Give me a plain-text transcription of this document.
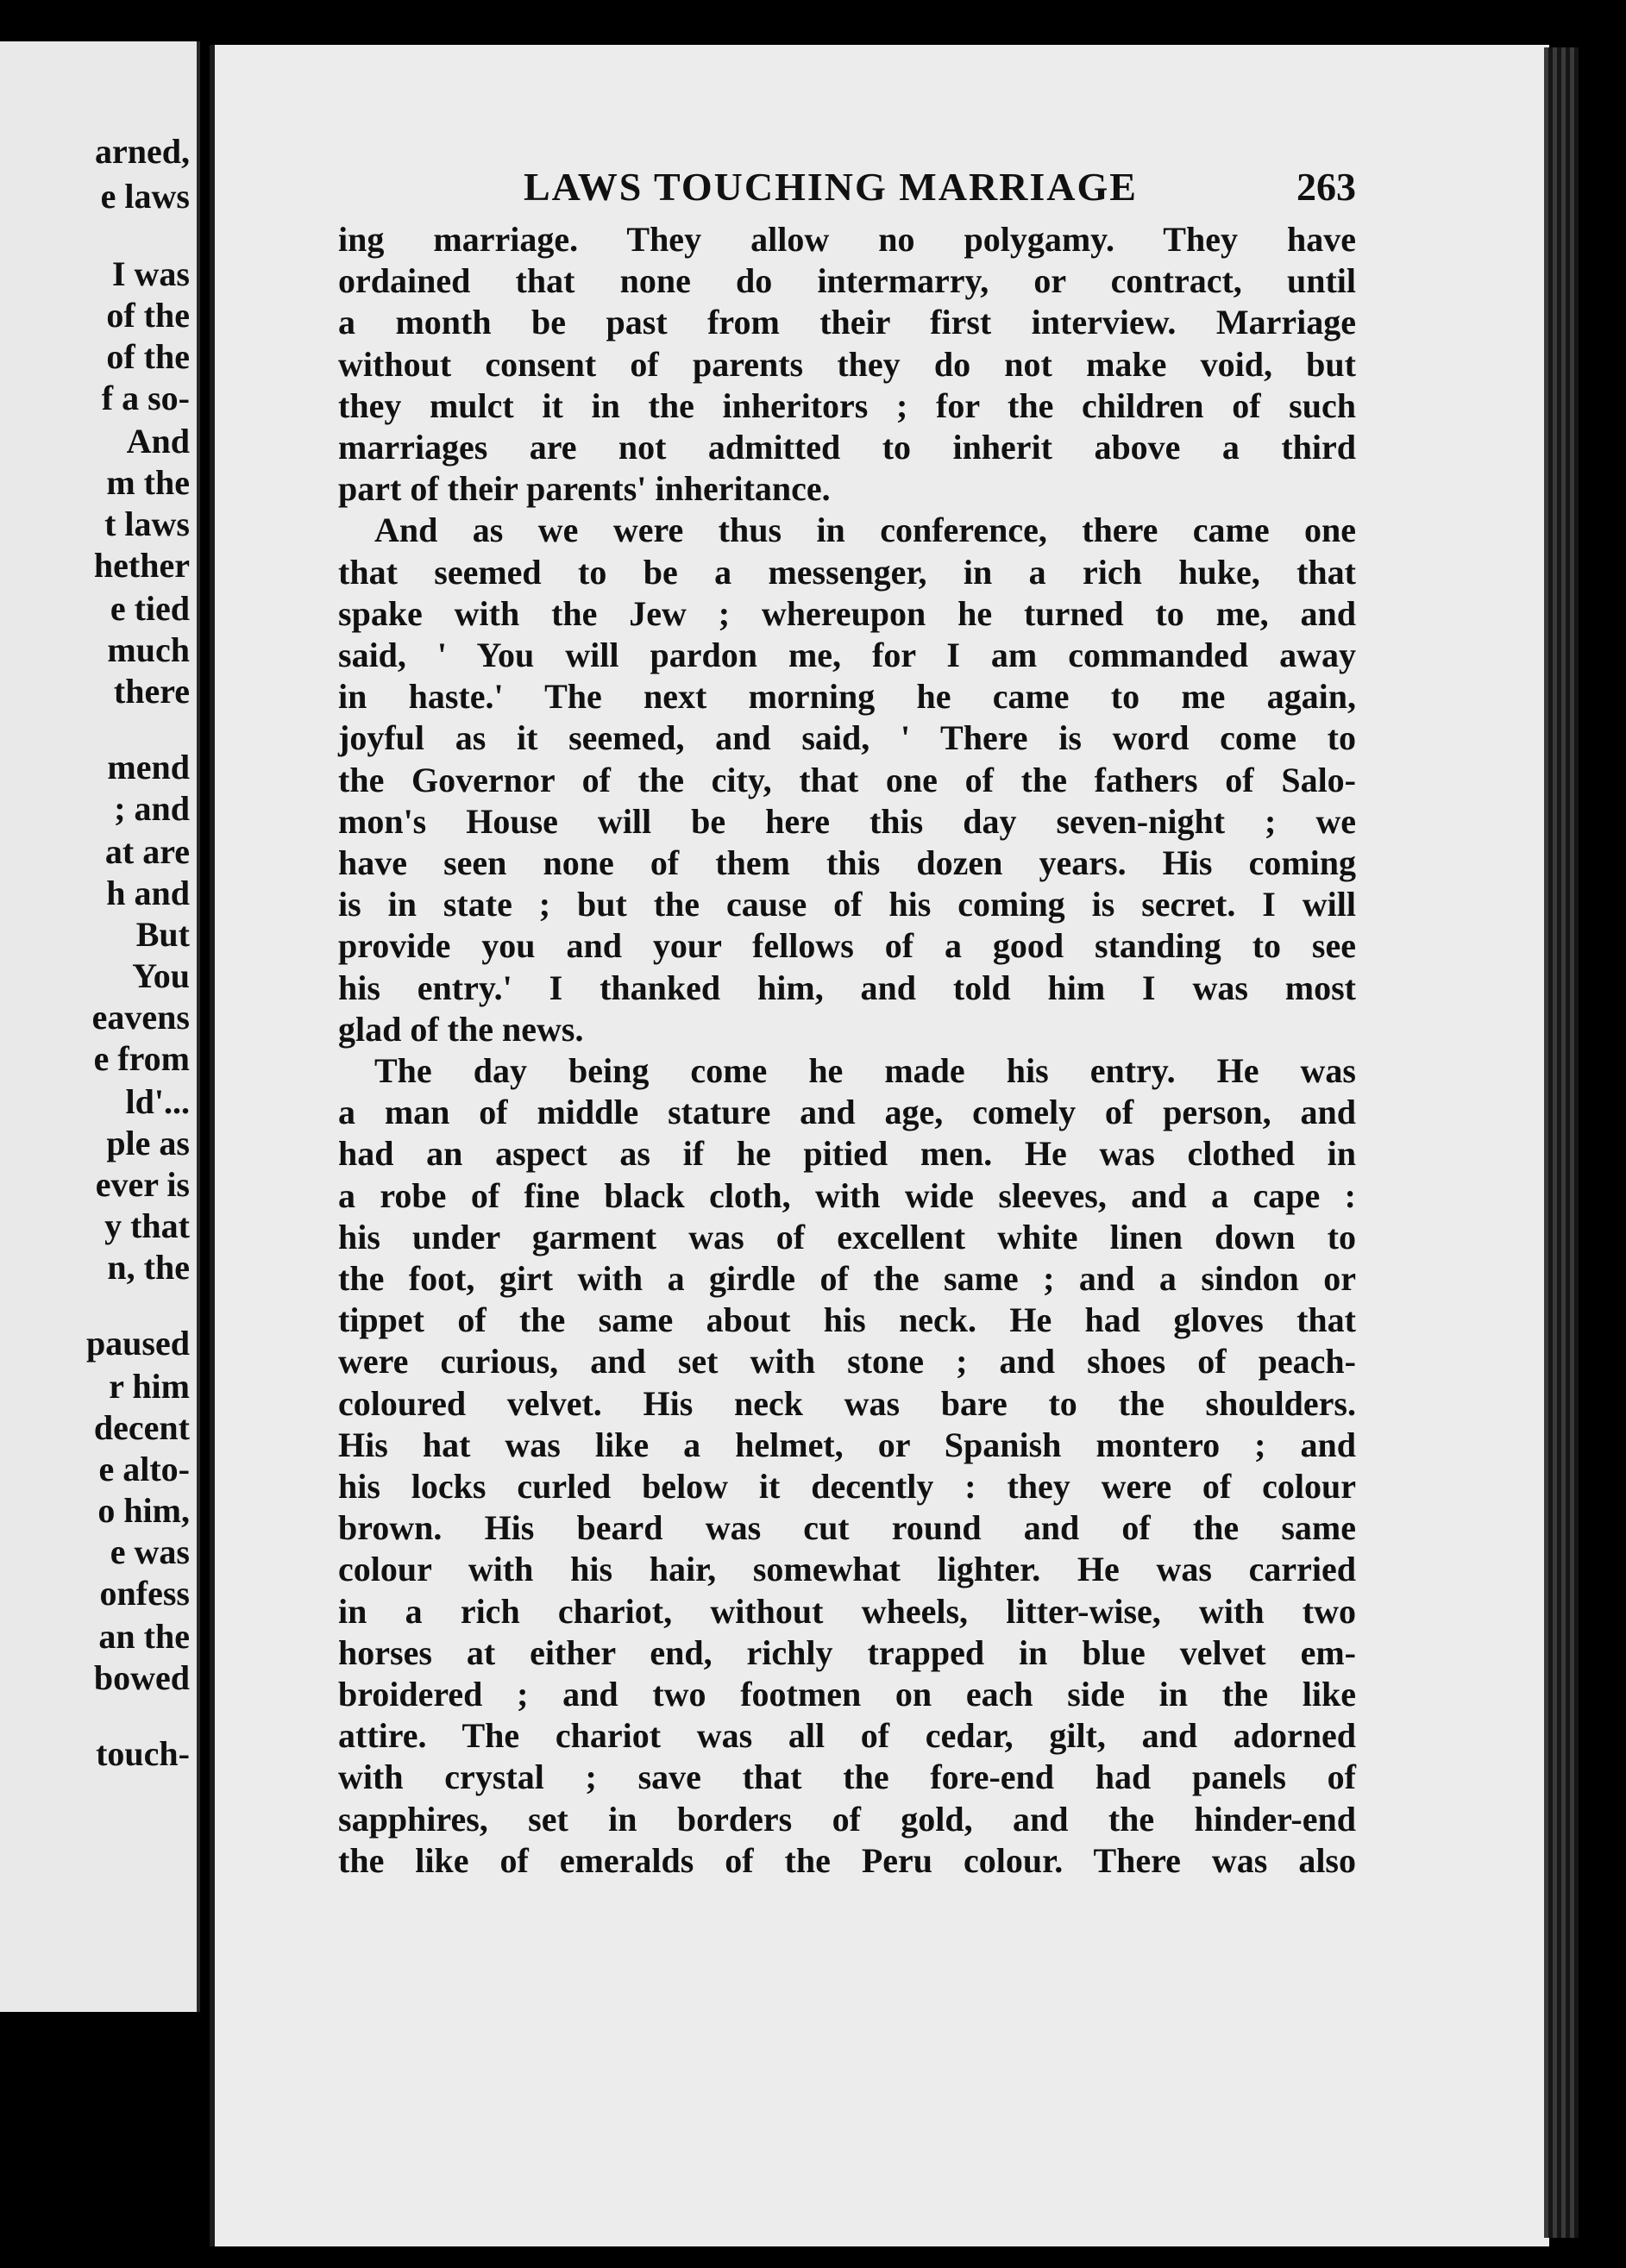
arned,
e laws
I was
of the
of the
f a so-
And
m the
t laws
hether
e tied
much
there
mend
; and
at are
h and
But
You
eavens
e from
ld'...
ple as
ever is
y that
n, the
paused
r him
decent
e alto-
o him,
e was
onfess
an the
bowed
touch-
LAWS TOUCHING MARRIAGE	263
ing marriage. They allow no polygamy. They have
ordained that none do intermarry, or contract, until
a month be past from their first interview. Marriage
without consent of parents they do not make void, but
they mulct it in the inheritors ; for the children of such
marriages are not admitted to inherit above a third
part of their parents' inheritance.
And as we were thus in conference, there came one
that seemed to be a messenger, in a rich huke, that
spake with the Jew ; whereupon he turned to me, and
said, ' You will pardon me, for I am commanded away
in haste.' The next morning he came to me again,
joyful as it seemed, and said, ' There is word come to
the Governor of the city, that one of the fathers of Salo-
mon's House will be here this day seven-night ; we
have seen none of them this dozen years. His coming
is in state ; but the cause of his coming is secret. I will
provide you and your fellows of a good standing to see
his entry.' I thanked him, and told him I was most
glad of the news.
The day being come he made his entry. He was
a man of middle stature and age, comely of person, and
had an aspect as if he pitied men. He was clothed in
a robe of fine black cloth, with wide sleeves, and a cape :
his under garment was of excellent white linen down to
the foot, girt with a girdle of the same ; and a sindon or
tippet of the same about his neck. He had gloves that
were curious, and set with stone ; and shoes of peach-
coloured velvet. His neck was bare to the shoulders.
His hat was like a helmet, or Spanish montero ; and
his locks curled below it decently : they were of colour
brown. His beard was cut round and of the same
colour with his hair, somewhat lighter. He was carried
in a rich chariot, without wheels, litter-wise, with two
horses at either end, richly trapped in blue velvet em-
broidered ; and two footmen on each side in the like
attire. The chariot was all of cedar, gilt, and adorned
with crystal ; save that the fore-end had panels of
sapphires, set in borders of gold, and the hinder-end
the like of emeralds of the Peru colour. There was also
